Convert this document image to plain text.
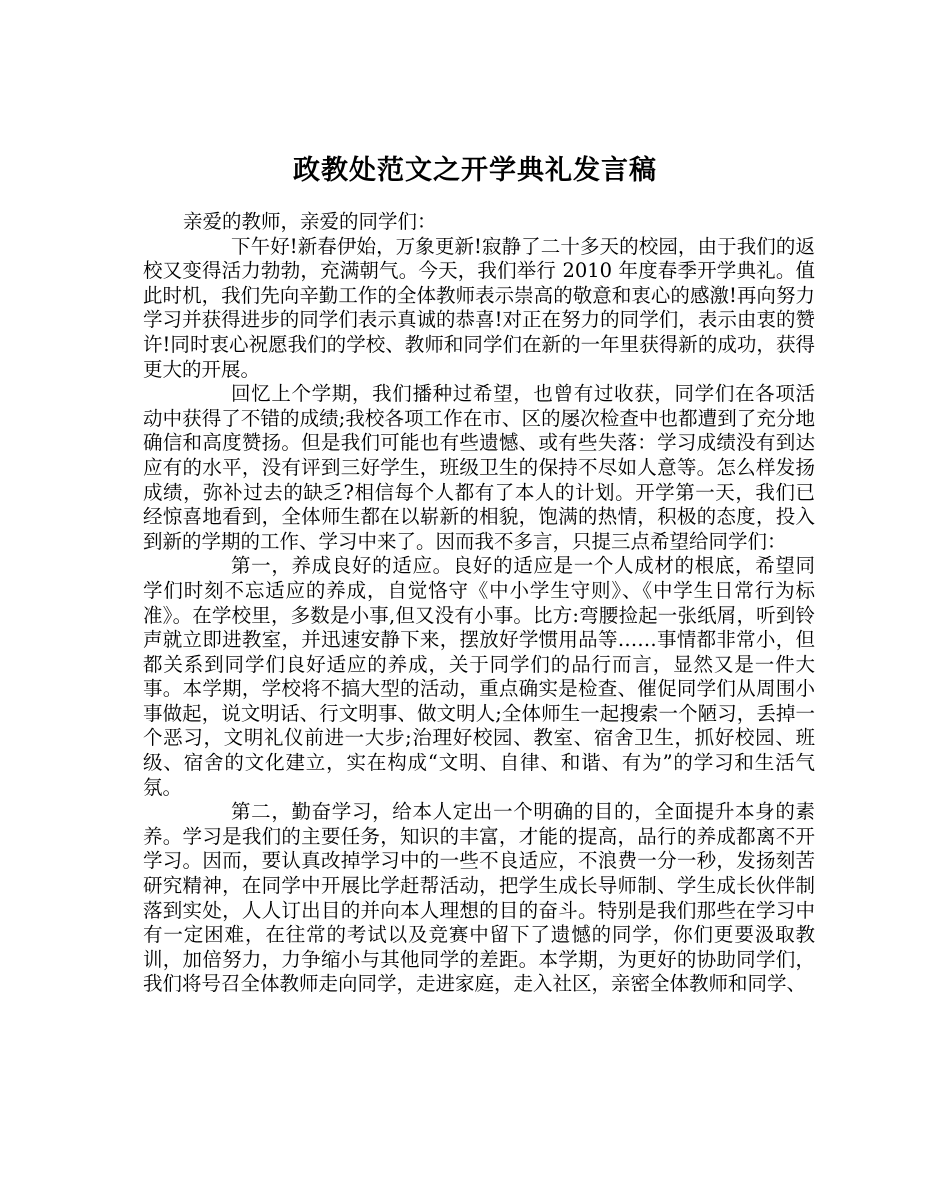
政教处范文之开学典礼发言稿

亲爱的教师，亲爱的同学们：

下午好!新春伊始，万象更新!寂静了二十多天的校园，由于我们的返校又变得活力勃勃，充满朝气。今天，我们举行 2010 年度春季开学典礼。值此时机，我们先向辛勤工作的全体教师表示崇高的敬意和衷心的感激!再向努力学习并获得进步的同学们表示真诚的恭喜!对正在努力的同学们，表示由衷的赞许!同时衷心祝愿我们的学校、教师和同学们在新的一年里获得新的成功，获得更大的开展。

回忆上个学期，我们播种过希望，也曾有过收获，同学们在各项活动中获得了不错的成绩;我校各项工作在市、区的屡次检查中也都遭到了充分地确信和高度赞扬。但是我们可能也有些遗憾、或有些失落：学习成绩没有到达应有的水平，没有评到三好学生，班级卫生的保持不尽如人意等。怎么样发扬成绩，弥补过去的缺乏?相信每个人都有了本人的计划。开学第一天，我们已经惊喜地看到，全体师生都在以崭新的相貌，饱满的热情，积极的态度，投入到新的学期的工作、学习中来了。因而我不多言，只提三点希望给同学们：

第一，养成良好的适应。良好的适应是一个人成材的根底，希望同学们时刻不忘适应的养成，自觉恪守《中小学生守则》、《中学生日常行为标准》。在学校里，多数是小事,但又没有小事。比方:弯腰捡起一张纸屑，听到铃声就立即进教室，并迅速安静下来，摆放好学惯用品等……事情都非常小，但都关系到同学们良好适应的养成，关于同学们的品行而言，显然又是一件大事。本学期，学校将不搞大型的活动，重点确实是检查、催促同学们从周围小事做起，说文明话、行文明事、做文明人;全体师生一起搜索一个陋习，丢掉一个恶习，文明礼仪前进一大步;治理好校园、教室、宿舍卫生，抓好校园、班级、宿舍的文化建立，实在构成“文明、自律、和谐、有为”的学习和生活气氛。

第二，勤奋学习，给本人定出一个明确的目的，全面提升本身的素养。学习是我们的主要任务，知识的丰富，才能的提高，品行的养成都离不开学习。因而，要认真改掉学习中的一些不良适应，不浪费一分一秒，发扬刻苦研究精神，在同学中开展比学赶帮活动，把学生成长导师制、学生成长伙伴制落到实处，人人订出目的并向本人理想的目的奋斗。特别是我们那些在学习中有一定困难，在往常的考试以及竞赛中留下了遗憾的同学，你们更要汲取教训，加倍努力，力争缩小与其他同学的差距。本学期，为更好的协助同学们，我们将号召全体教师走向同学，走进家庭，走入社区，亲密全体教师和同学、
